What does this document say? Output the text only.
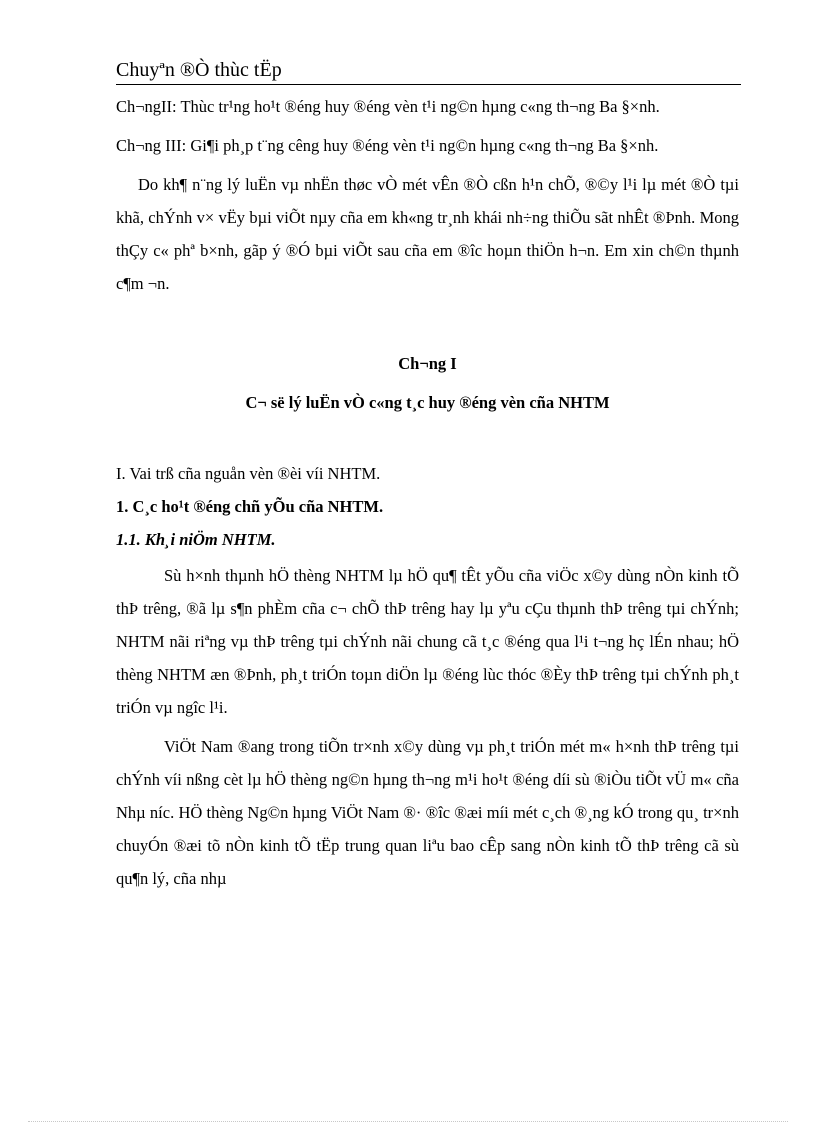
Chuyªn ®Ò thùc tËp

Ch¬ngII: Thùc tr¹ng ho¹t ®éng huy ®éng vèn t¹i ng©n hµng c«ng th¬ng Ba §×nh.

Ch¬ng III: Gi¶i ph¸p t¨ng cêng huy ®éng vèn t¹i ng©n hµng c«ng th¬ng Ba §×nh.

Do kh¶ n¨ng lý luËn vµ nhËn thøc vÒ mét vÊn ®Ò cßn h¹n chÕ, ®©y l¹i lµ mét ®Ò tµi khã, chÝnh v× vËy bµi viÕt nµy cña em kh«ng tr¸nh khái nh÷ng thiÕu sãt nhÊt ®Þnh. Mong thÇy c« phª b×nh, gãp ý ®Ó bµi viÕt sau cña em ®îc hoµn thiÖn h¬n. Em xin ch©n thµnh c¶m ¬n.

Ch¬ng I

C¬ së lý luËn vÒ c«ng t¸c huy ®éng vèn cña NHTM

I. Vai trß cña nguån vèn ®èi víi NHTM.

1. C¸c ho¹t ®éng chñ yÕu cña NHTM.

1.1. Kh¸i niÖm NHTM.

Sù h×nh thµnh hÖ thèng NHTM lµ hÖ qu¶ tÊt yÕu cña viÖc x©y dùng nÒn kinh tÕ thÞ trêng, ®ã lµ s¶n phÈm cña c¬ chÕ thÞ trêng hay lµ yªu cÇu thµnh thÞ trêng tµi chÝnh; NHTM nãi riªng vµ thÞ trêng tµi chÝnh nãi chung cã t¸c ®éng qua l¹i t¬ng hç lÉn nhau; hÖ thèng NHTM æn ®Þnh, ph¸t triÓn toµn diÖn lµ ®éng lùc thóc ®Èy thÞ trêng tµi chÝnh ph¸t triÓn vµ ngîc l¹i.

ViÖt Nam ®ang trong tiÕn tr×nh x©y dùng vµ ph¸t triÓn mét m« h×nh thÞ trêng tµi chÝnh víi nßng cèt lµ hÖ thèng ng©n hµng th¬ng m¹i ho¹t ®éng díi sù ®iÒu tiÕt vÜ m« cña Nhµ níc. HÖ thèng Ng©n hµng ViÖt Nam ®· ®îc ®æi míi mét c¸ch ®¸ng kÓ trong qu¸ tr×nh chuyÓn ®æi tõ nÒn kinh tÕ tËp trung quan liªu bao cÊp sang nÒn kinh tÕ thÞ trêng cã sù qu¶n lý, cña nhµ
